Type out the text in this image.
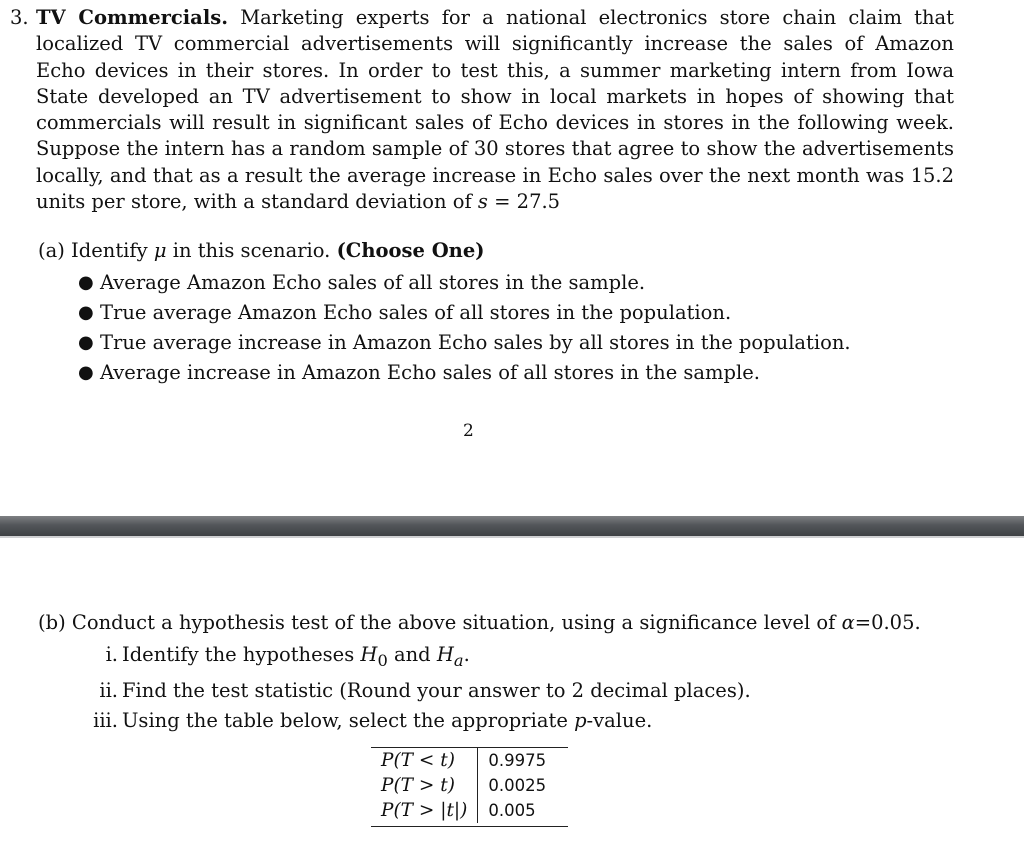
3. TV Commercials. Marketing experts for a national electronics store chain claim that localized TV commercial advertisements will significantly increase the sales of Amazon Echo devices in their stores. In order to test this, a summer marketing intern from Iowa State developed an TV advertisement to show in local markets in hopes of showing that commercials will result in significant sales of Echo devices in stores in the following week. Suppose the intern has a random sample of 30 stores that agree to show the advertisements locally, and that as a result the average increase in Echo sales over the next month was 15.2 units per store, with a standard deviation of s = 27.5
(a) Identify μ in this scenario. (Choose One)
● Average Amazon Echo sales of all stores in the sample.
● True average Amazon Echo sales of all stores in the population.
● True average increase in Amazon Echo sales by all stores in the population.
● Average increase in Amazon Echo sales of all stores in the sample.
2
(b) Conduct a hypothesis test of the above situation, using a significance level of α=0.05.
i. Identify the hypotheses $H_0$ and $H_a$.
ii. Find the test statistic (Round your answer to 2 decimal places).
iii. Using the table below, select the appropriate p-value.
P(T < t)	0.9975
P(T > t)	0.0025
P(T > |t|)	0.005
